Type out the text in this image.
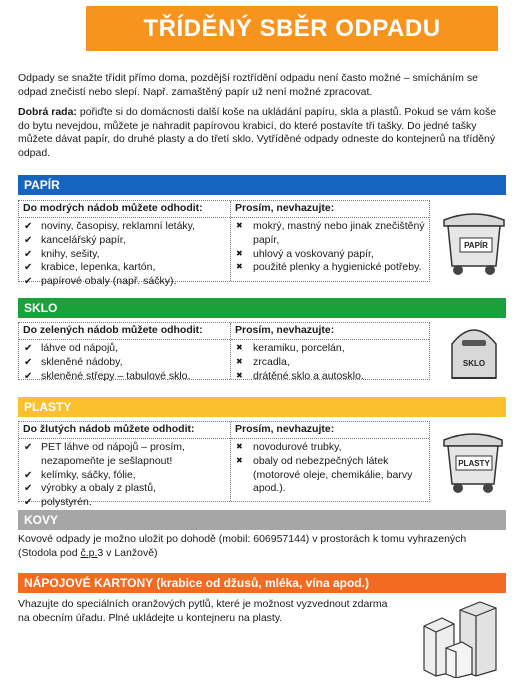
TŘÍDĚNÝ SBĚR ODPADU

Odpady se snažte třídit přímo doma, pozdější roztřídění odpadu není často možné – smícháním se odpad znečistí nebo slepí. Např. zamaštěný papír už není možné zpracovat.

Dobrá rada: pořiďte si do domácnosti další koše na ukládání papíru, skla a plastů. Pokud se vám koše do bytu nevejdou, můžete je nahradit papírovou krabicí, do které postavíte tři tašky. Do jedné tašky můžete dávat papír, do druhé plasty a do třetí sklo. Vytříděné odpady odneste do kontejnerů na tříděný odpad.

PAPÍR
Do modrých nádob můžete odhodit:
✔ noviny, časopisy, reklamní letáky,
✔ kancelářský papír,
✔ knihy, sešity,
✔ krabice, lepenka, kartón,
✔ papírové obaly (např. sáčky).
Prosím, nevhazujte:
✖ mokrý, mastný nebo jinak znečištěný papír,
✖ uhlový a voskovaný papír,
✖ použité plenky a hygienické potřeby.
PAPÍR
SKLO
Do zelených nádob můžete odhodit:
✔ láhve od nápojů,
✔ skleněné nádoby,
✔ skleněné střepy – tabulové sklo.
Prosím, nevhazujte:
✖ keramiku, porcelán,
✖ zrcadla,
✖ drátěné sklo a autosklo.
SKLO
PLASTY
Do žlutých nádob můžete odhodit:
✔ PET láhve od nápojů – prosím, nezapomeňte je sešlapnout!
✔ kelímky, sáčky, fólie,
✔ výrobky a obaly z plastů,
✔ polystyrén.
Prosím, nevhazujte:
✖ novodurové trubky,
✖ obaly od nebezpečných látek (motorové oleje, chemikálie, barvy apod.).
PLASTY
KOVY
Kovové odpady je možno uložit po dohodě (mobil: 606957144) v prostorách k tomu vyhrazených (Stodola pod č.p.3 v Lanžově)
NÁPOJOVÉ KARTONY (krabice od džusů, mléka, vína apod.)
Vhazujte do speciálních oranžových pytlů, které je možnost vyzvednout zdarma na obecním úřadu. Plné ukládejte u kontejneru na plasty.
